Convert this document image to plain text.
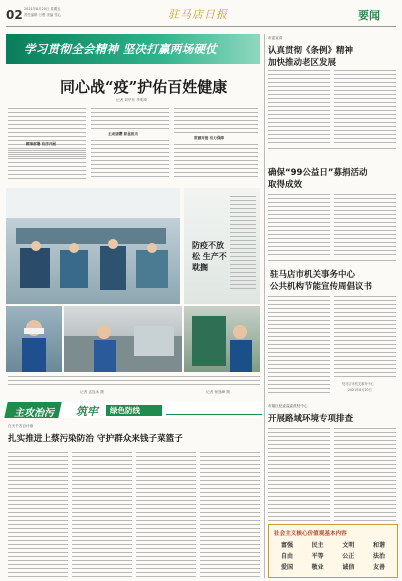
02 2021年8月20日 星期五
责任编辑 万俊 美编 张心	驻马店日报	要闻
学习贯彻全会精神 坚决打赢两场硬仗
同心战“疫”护佑百姓健康
记者 刘华东 李明琦
精准部署 有序开展
主动请缨 彰显担当
资源对接 有力保障
防疫不放松 生产不耽搁
记者 孟连冰 摄	记者 杨逸峰 摄
市委宣讲
认真贯彻《条例》精神
加快推动老区发展
确保“99公益日”募捐活动
取得成效
驻马店市机关事务中心
公共机构节能宣传周倡议书
驻马店市机关事务中心
2021年8月20日
主攻治污 筑牢 绿色防线
白天千方百计治
扎实推进上蔡污染防治 守护群众来钱子菜篮子
市辖区纪委监委派驻中心
开展路域环境专项排查
社会主义核心价值观基本内容
富强	民主	文明	和谐
自由	平等	公正	法治
爱国	敬业	诚信	友善
